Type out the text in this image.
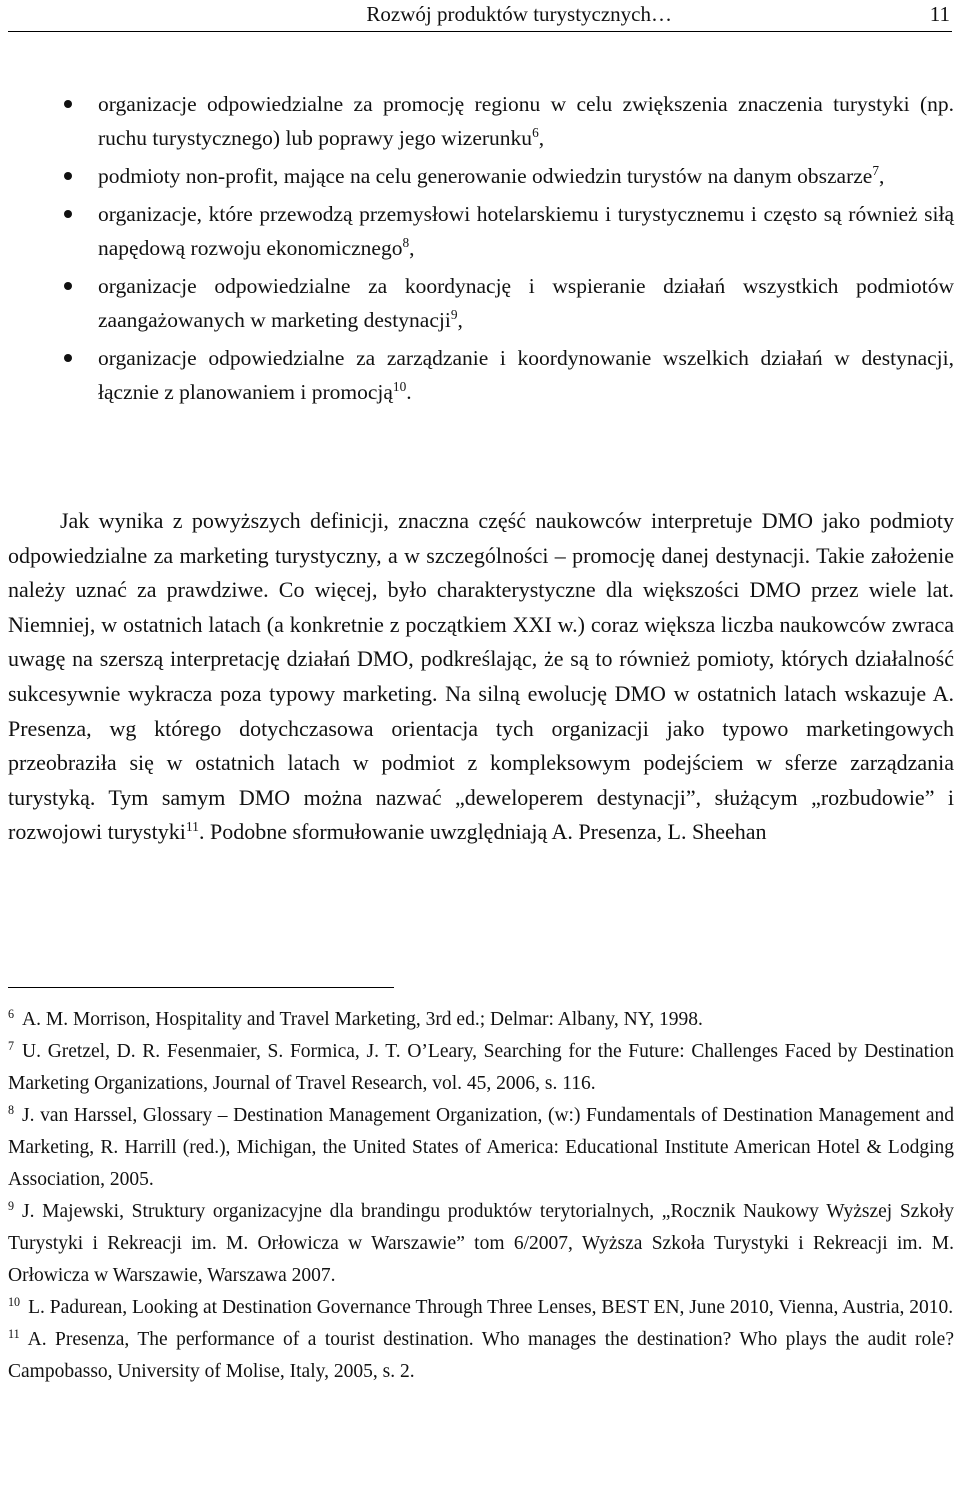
Rozwój produktów turystycznych…	11
organizacje odpowiedzialne za promocję regionu w celu zwiększenia znaczenia turystyki (np. ruchu turystycznego) lub poprawy jego wizerunku$^6$,
podmioty non-profit, mające na celu generowanie odwiedzin turystów na danym obszarze$^7$,
organizacje, które przewodzą przemysłowi hotelarskiemu i turystycznemu i często są również siłą napędową rozwoju ekonomicznego$^8$,
organizacje odpowiedzialne za koordynację i wspieranie działań wszystkich podmiotów zaangażowanych w marketing destynacji$^9$,
organizacje odpowiedzialne za zarządzanie i koordynowanie wszelkich działań w destynacji, łącznie z planowaniem i promocją$^{10}$.

Jak wynika z powyższych definicji, znaczna część naukowców interpretuje DMO jako podmioty odpowiedzialne za marketing turystyczny, a w szczególności – promocję danej destynacji. Takie założenie należy uznać za prawdziwe. Co więcej, było charakterystyczne dla większości DMO przez wiele lat. Niemniej, w ostatnich latach (a konkretnie z początkiem XXI w.) coraz większa liczba naukowców zwraca uwagę na szerszą interpretację działań DMO, podkreślając, że są to również pomioty, których działalność sukcesywnie wykracza poza typowy marketing. Na silną ewolucję DMO w ostatnich latach wskazuje A. Presenza, wg którego dotychczasowa orientacja tych organizacji jako typowo marketingowych przeobraziła się w ostatnich latach w podmiot z kompleksowym podejściem w sferze zarządzania turystyką. Tym samym DMO można nazwać „deweloperem destynacji”, służącym „rozbudowie” i rozwojowi turystyki$^{11}$. Podobne sformułowanie uwzględniają A. Presenza, L. Sheehan

$^6$ A. M. Morrison, Hospitality and Travel Marketing, 3rd ed.; Delmar: Albany, NY, 1998.

$^7$ U. Gretzel, D. R. Fesenmaier, S. Formica, J. T. O’Leary, Searching for the Future: Challenges Faced by Destination Marketing Organizations, Journal of Travel Research, vol. 45, 2006, s. 116.

$^8$ J. van Harssel, Glossary – Destination Management Organization, (w:) Fundamentals of Destination Management and Marketing, R. Harrill (red.), Michigan, the United States of America: Educational Institute American Hotel & Lodging Association, 2005.

$^9$ J. Majewski, Struktury organizacyjne dla brandingu produktów terytorialnych, „Rocznik Naukowy Wyższej Szkoły Turystyki i Rekreacji im. M. Orłowicza w Warszawie” tom 6/2007, Wyższa Szkoła Turystyki i Rekreacji im. M. Orłowicza w Warszawie, Warszawa 2007.

$^{10}$ L. Padurean, Looking at Destination Governance Through Three Lenses, BEST EN, June 2010, Vienna, Austria, 2010.

$^{11}$ A. Presenza, The performance of a tourist destination. Who manages the destination? Who plays the audit role? Campobasso, University of Molise, Italy, 2005, s. 2.
